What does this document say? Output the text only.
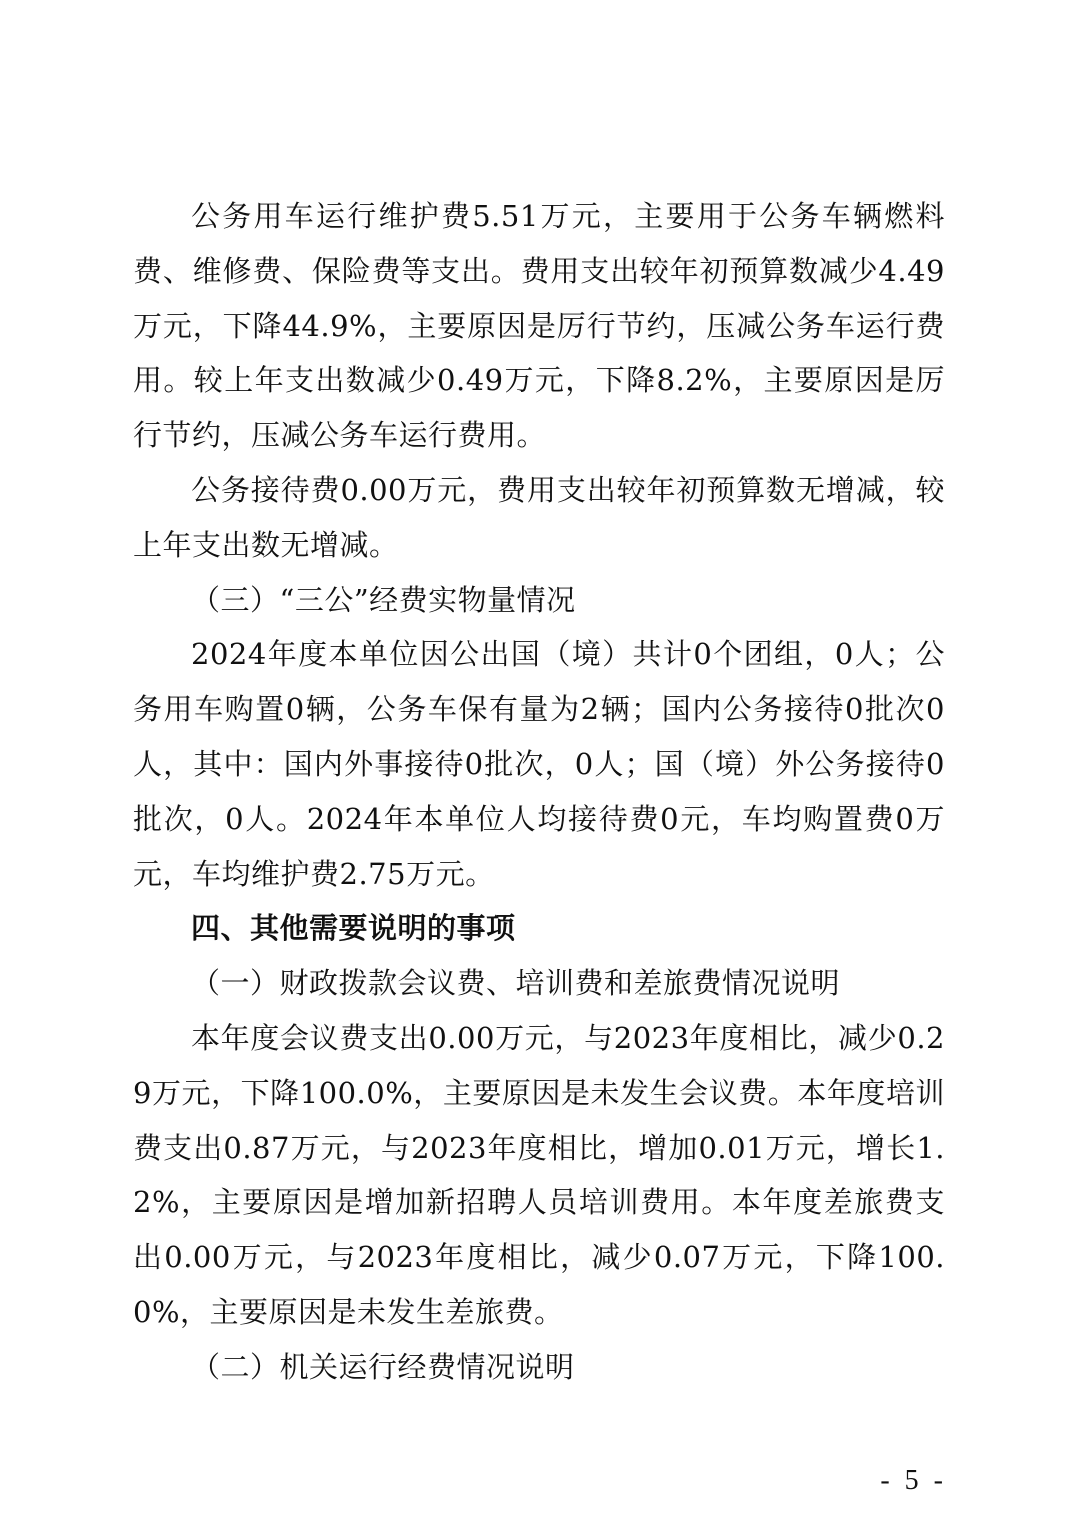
公务用车运行维护费5.51万元，主要用于公务车辆燃料费、维修费、保险费等支出。费用支出较年初预算数减少4.49万元，下降44.9%，主要原因是厉行节约，压减公务车运行费用。较上年支出数减少0.49万元，下降8.2%，主要原因是厉行节约，压减公务车运行费用。

公务接待费0.00万元，费用支出较年初预算数无增减，较上年支出数无增减。

（三）“三公”经费实物量情况

2024年度本单位因公出国（境）共计0个团组，0人；公务用车购置0辆，公务车保有量为2辆；国内公务接待0批次0人，其中：国内外事接待0批次，0人；国（境）外公务接待0批次，0人。2024年本单位人均接待费0元，车均购置费0万元，车均维护费2.75万元。

四、其他需要说明的事项

（一）财政拨款会议费、培训费和差旅费情况说明

本年度会议费支出0.00万元，与2023年度相比，减少0.29万元，下降100.0%，主要原因是未发生会议费。本年度培训费支出0.87万元，与2023年度相比，增加0.01万元，增长1.2%，主要原因是增加新招聘人员培训费用。本年度差旅费支出0.00万元，与2023年度相比，减少0.07万元，下降100.0%，主要原因是未发生差旅费。

（二）机关运行经费情况说明

- 5 -
